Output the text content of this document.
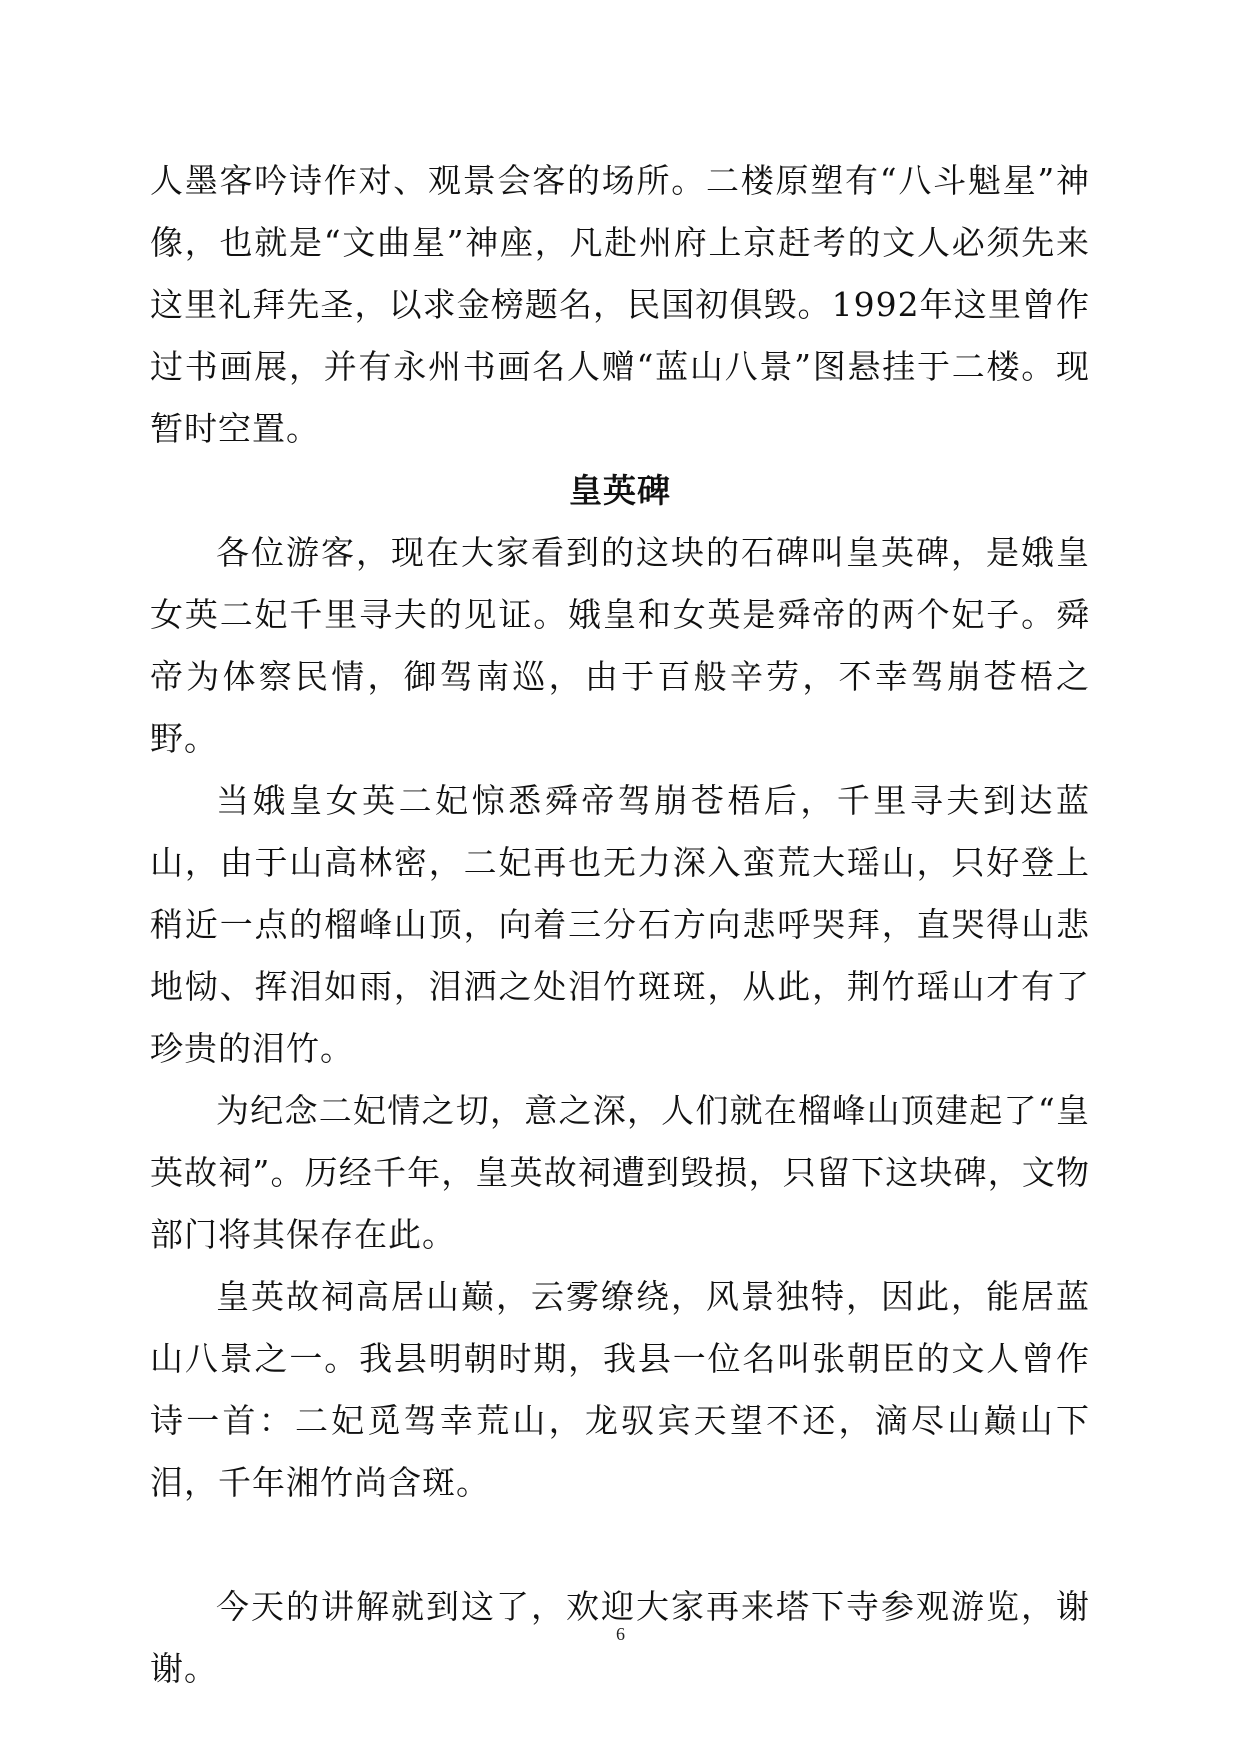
人墨客吟诗作对、观景会客的场所。二楼原塑有“八斗魁星”神像，也就是“文曲星”神座，凡赴州府上京赶考的文人必须先来这里礼拜先圣，以求金榜题名，民国初俱毁。1992年这里曾作过书画展，并有永州书画名人赠“蓝山八景”图悬挂于二楼。现暂时空置。

皇英碑

各位游客，现在大家看到的这块的石碑叫皇英碑，是娥皇女英二妃千里寻夫的见证。娥皇和女英是舜帝的两个妃子。舜帝为体察民情，御驾南巡，由于百般辛劳，不幸驾崩苍梧之野。

当娥皇女英二妃惊悉舜帝驾崩苍梧后，千里寻夫到达蓝山，由于山高林密，二妃再也无力深入蛮荒大瑶山，只好登上稍近一点的榴峰山顶，向着三分石方向悲呼哭拜，直哭得山悲地恸、挥泪如雨，泪洒之处泪竹斑斑，从此，荆竹瑶山才有了珍贵的泪竹。

为纪念二妃情之切，意之深，人们就在榴峰山顶建起了“皇英故祠”。历经千年，皇英故祠遭到毁损，只留下这块碑，文物部门将其保存在此。

皇英故祠高居山巅，云雾缭绕，风景独特，因此，能居蓝山八景之一。我县明朝时期，我县一位名叫张朝臣的文人曾作诗一首：二妃觅驾幸荒山，龙驭宾天望不还，滴尽山巅山下泪，千年湘竹尚含斑。

今天的讲解就到这了，欢迎大家再来塔下寺参观游览，谢谢。

6
